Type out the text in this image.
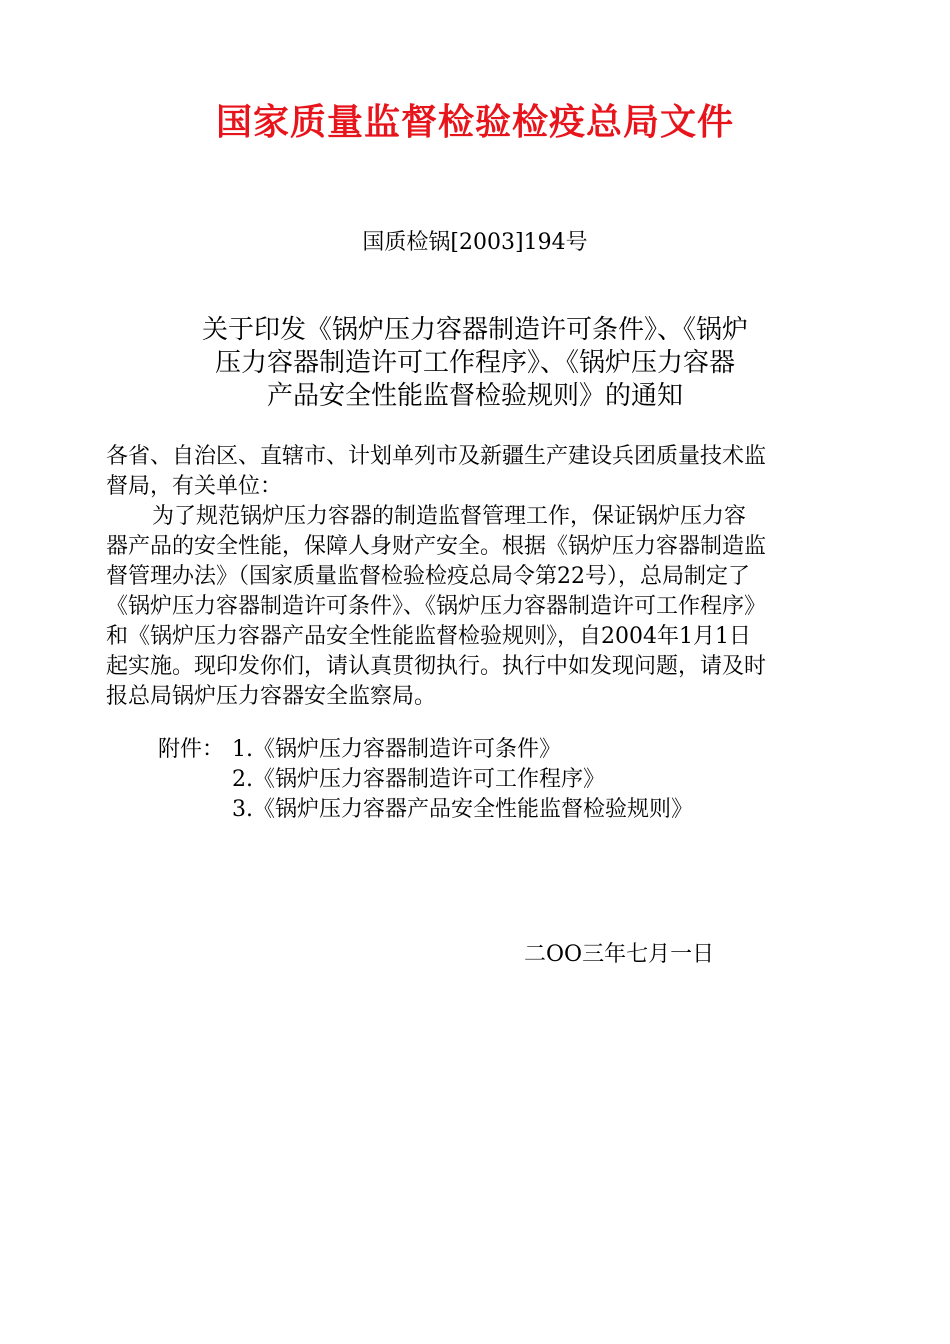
国家质量监督检验检疫总局文件
国质检锅[2003]194号
关于印发《锅炉压力容器制造许可条件》、《锅炉
压力容器制造许可工作程序》、《锅炉压力容器
产品安全性能监督检验规则》的通知
各省、自治区、直辖市、计划单列市及新疆生产建设兵团质量技术监
督局，有关单位：
为了规范锅炉压力容器的制造监督管理工作，保证锅炉压力容
器产品的安全性能，保障人身财产安全。根据《锅炉压力容器制造监
督管理办法》（国家质量监督检验检疫总局令第22号），总局制定了
《锅炉压力容器制造许可条件》、《锅炉压力容器制造许可工作程序》
和《锅炉压力容器产品安全性能监督检验规则》，自2004年1月1日
起实施。现印发你们，请认真贯彻执行。执行中如发现问题，请及时
报总局锅炉压力容器安全监察局。
附件： 1.《锅炉压力容器制造许可条件》
2.《锅炉压力容器制造许可工作程序》
3.《锅炉压力容器产品安全性能监督检验规则》
二OO三年七月一日
